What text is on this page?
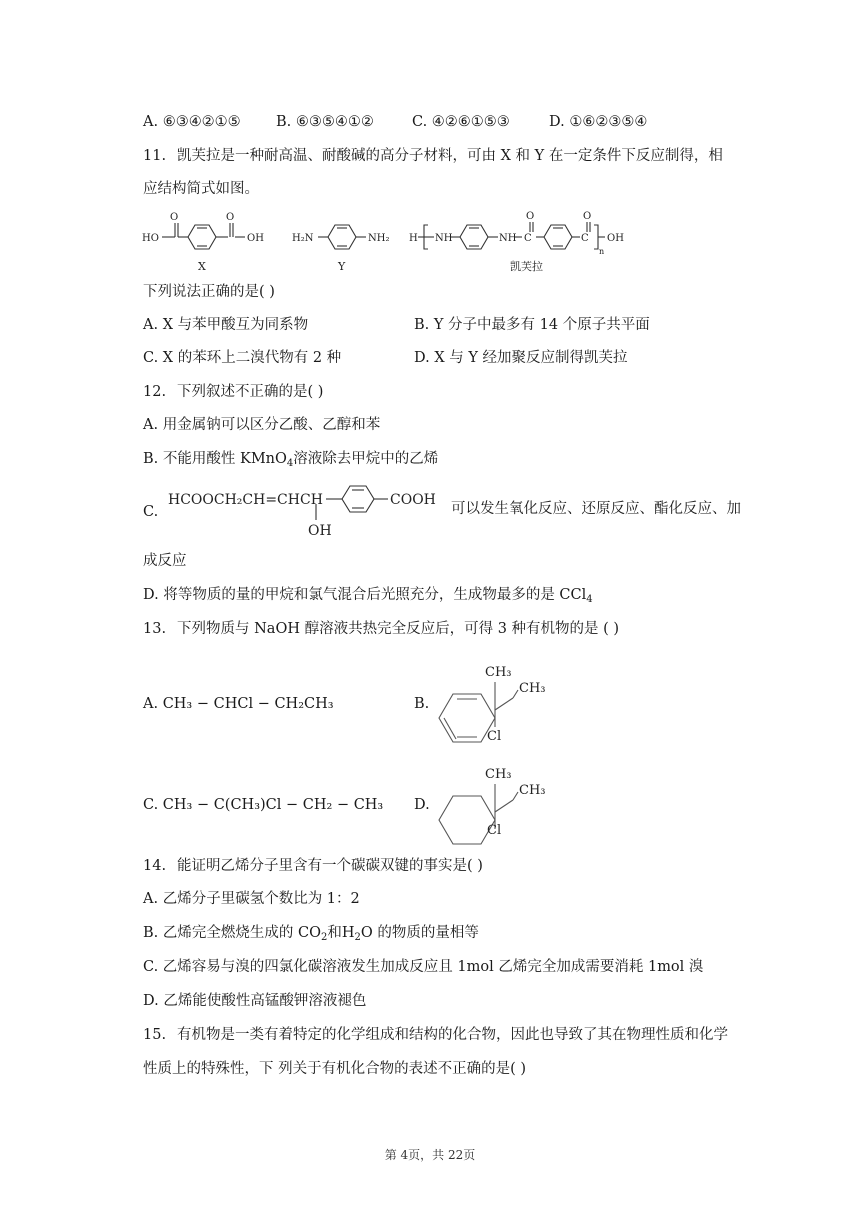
A. ⑥③④②①⑤ B. ⑥③⑤④①②	C. ④②⑥①⑤③	D. ①⑥②③⑤④
11. 凯芙拉是一种耐高温、耐酸碱的高分子材料，可由 X 和 Y 在一定条件下反应制得，相
应结构简式如图。
HO
O	O
OH
X
H₂N	NH₂
Y
H NH	NH C
O
C
O
n
OH
凯芙拉
下列说法正确的是( )
A. X 与苯甲酸互为同系物	B. Y 分子中最多有 14 个原子共平面
C. X 的苯环上二溴代物有 2 种	D. X 与 Y 经加聚反应制得凯芙拉
12. 下列叙述不正确的是( )
A. 用金属钠可以区分乙酸、乙醇和苯
B. 不能用酸性 KMnO$_4$溶液除去甲烷中的乙烯
C.
HCOOCH₂CH=CHCH	COOH
OH
可以发生氧化反应、还原反应、酯化反应、加
成反应
D. 将等物质的量的甲烷和氯气混合后光照充分，生成物最多的是 CCl$_4$
13. 下列物质与 NaOH 醇溶液共热完全反应后，可得 3 种有机物的是 ( )
A. CH₃ − CHCl − CH₂CH₃	B.
CH₃
CH₃
Cl
C. CH₃ − C(CH₃)Cl − CH₂ − CH₃ D.
CH₃
CH₃
Cl
14. 能证明乙烯分子里含有一个碳碳双键的事实是( )
A. 乙烯分子里碳氢个数比为 1：2
B. 乙烯完全燃烧生成的 $CO_2$和$H_2O$ 的物质的量相等
C. 乙烯容易与溴的四氯化碳溶液发生加成反应且 1mol 乙烯完全加成需要消耗 1mol 溴
D. 乙烯能使酸性高锰酸钾溶液褪色
15. 有机物是一类有着特定的化学组成和结构的化合物，因此也导致了其在物理性质和化学
性质上的特殊性，下 列关于有机化合物的表述不正确的是( )
第 4页，共 22页
